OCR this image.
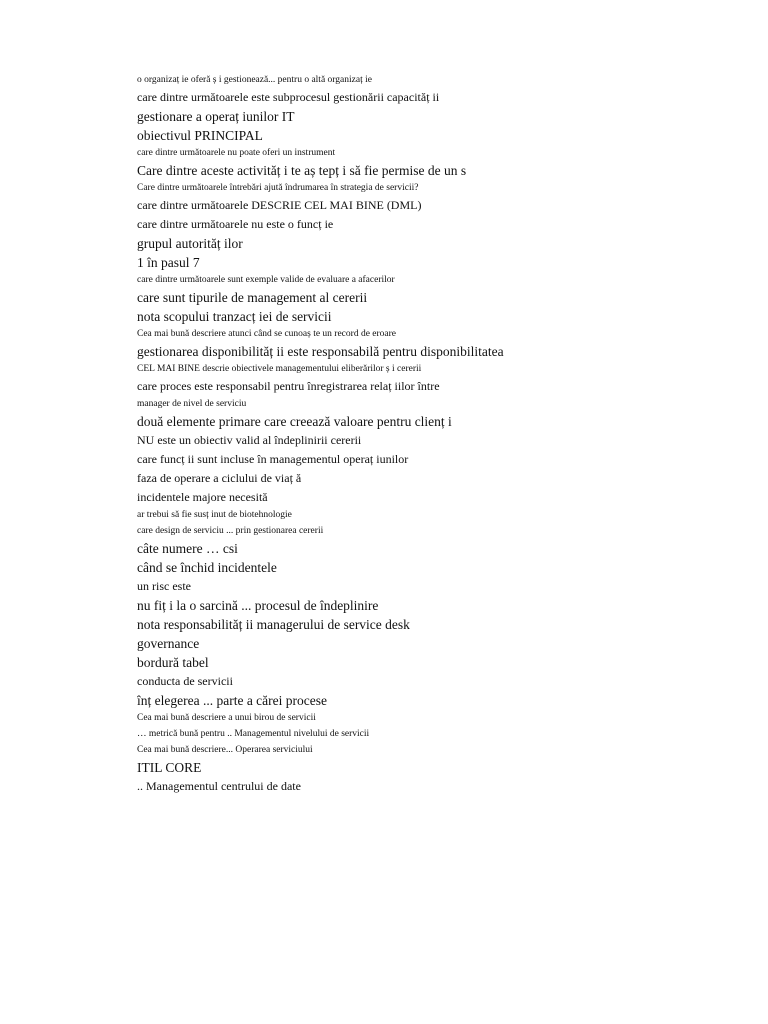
o organizaț ie oferă ș i gestionează... pentru o altă organizaț ie
care dintre următoarele este subprocesul gestionării capacităț ii
gestionare a operaț iunilor IT
obiectivul PRINCIPAL
care dintre următoarele nu poate oferi un instrument
Care dintre aceste activităț i te aș tepț i să fie permise de un s
Care dintre următoarele întrebări ajută îndrumarea în strategia de servicii?
care dintre următoarele DESCRIE CEL MAI BINE (DML)
care dintre următoarele nu este o funcț ie
grupul autorităț ilor
1 în pasul 7
care dintre următoarele sunt exemple valide de evaluare a afacerilor
care sunt tipurile de management al cererii
nota scopului tranzacț iei de servicii
Cea mai bună descriere atunci când se cunoaș te un record de eroare
gestionarea disponibilităț ii este responsabilă pentru disponibilitatea
CEL MAI BINE descrie obiectivele managementului eliberărilor ș i cererii
care proces este responsabil pentru înregistrarea relaț iilor între
manager de nivel de serviciu
două elemente primare care creează valoare pentru clienț i
NU este un obiectiv valid al îndeplinirii cererii
care funcț ii sunt incluse în managementul operaț iunilor
faza de operare a ciclului de viaț ă
incidentele majore necesită
ar trebui să fie susț inut de biotehnologie
care design de serviciu ... prin gestionarea cererii
câte numere … csi
când se închid incidentele
un risc este
nu fiț i la o sarcină ... procesul de îndeplinire
nota responsabilităț ii managerului de service desk
governance
bordură tabel
conducta de servicii
înț elegerea ... parte a cărei procese
Cea mai bună descriere a unui birou de servicii
… metrică bună pentru .. Managementul nivelului de servicii
Cea mai bună descriere... Operarea serviciului
ITIL CORE
.. Managementul centrului de date
